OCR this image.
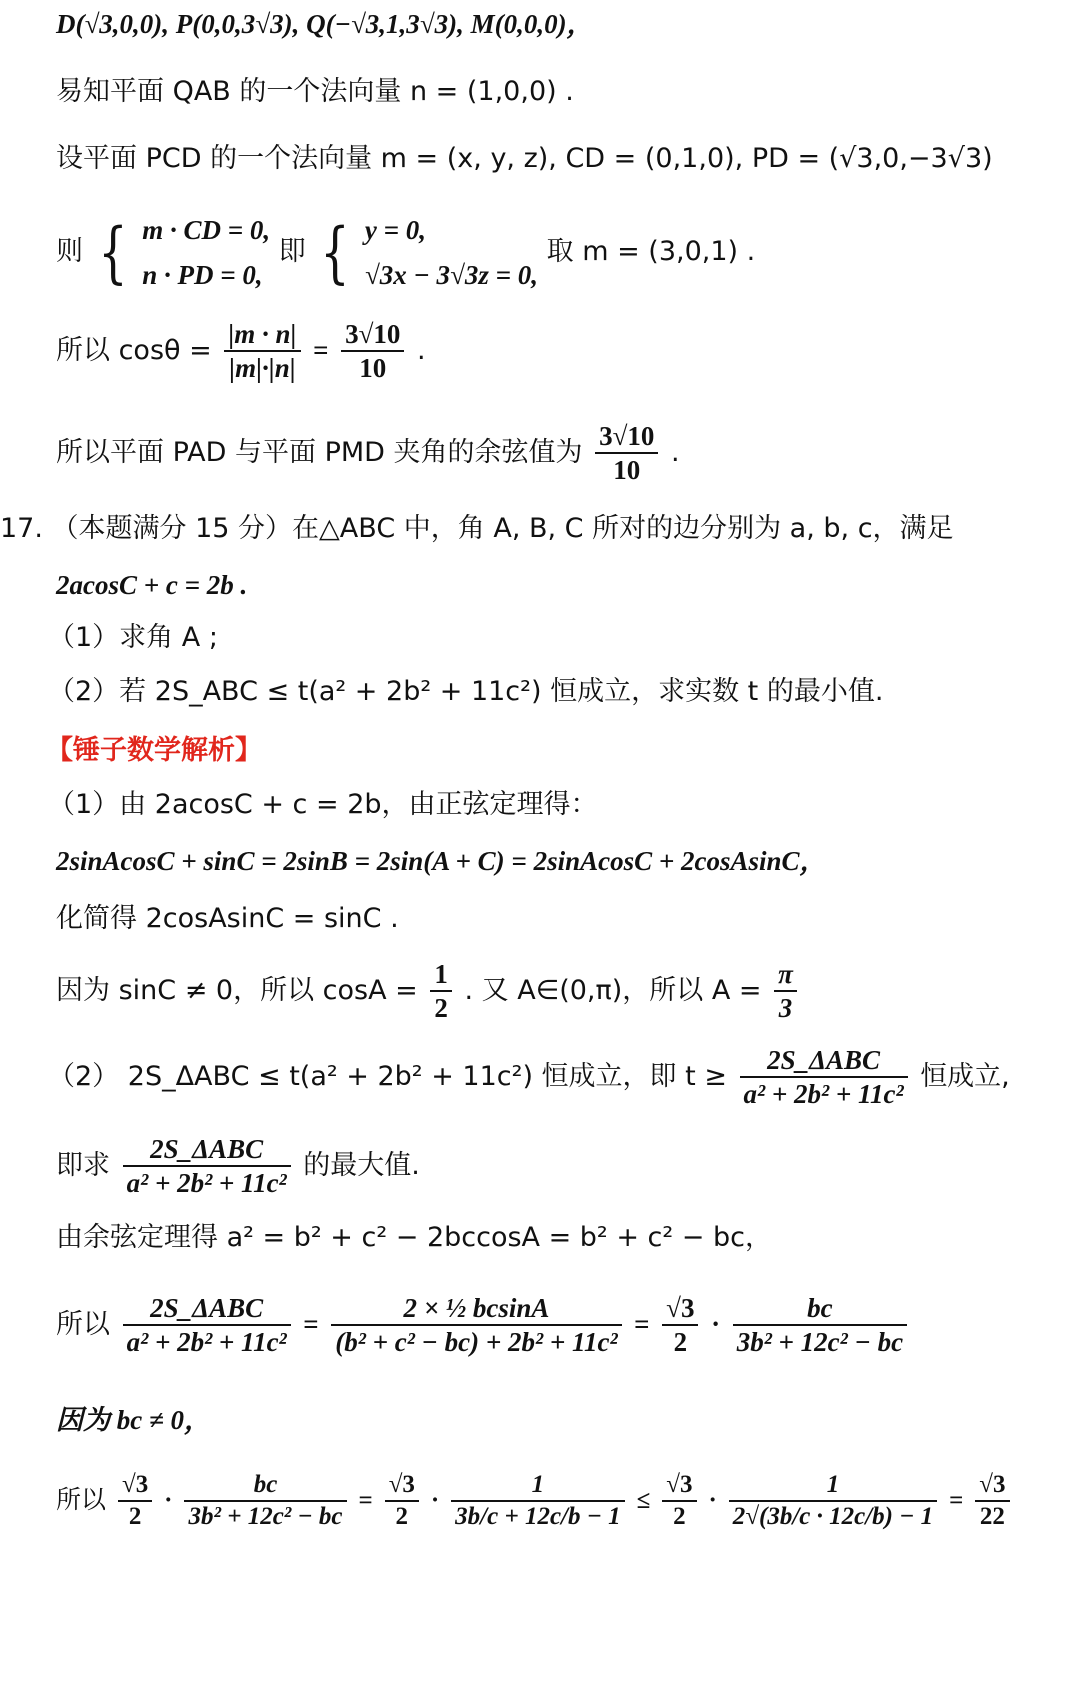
D(√3,0,0), P(0,0,3√3), Q(−√3,1,3√3), M(0,0,0)，
易知平面 QAB 的一个法向量 n = (1,0,0) .
设平面 PCD 的一个法向量 m = (x, y, z), CD = (0,1,0), PD = (√3,0,−3√3)
则 { m · CD = 0,
n · PD = 0,
即 { y = 0,
√3x − 3√3z = 0,
取 m = (3,0,1) .
所以 $\cos\theta = \frac{|m \cdot n|}{|m|\cdot|n|} = \frac{3√10}{10}$ .
所以平面 PAD 与平面 PMD 夹角的余弦值为 $\frac{3√10}{10}$ .
17. （本题满分 15 分）在△ABC 中，角 A, B, C 所对的边分别为 a, b, c，满足
2acosC + c = 2b .
（1）求角 A ;
（2）若 2S_ABC ≤ t(a² + 2b² + 11c²) 恒成立，求实数 t 的最小值.
【锤子数学解析】
（1）由 2acosC + c = 2b，由正弦定理得：
2sinAcosC + sinC = 2sinB = 2sin(A + C) = 2sinAcosC + 2cosAsinC，
化简得 2cosAsinC = sinC .
因为 sinC ≠ 0，所以 $\cos A = \frac{1}{2}$ . 又 A∈(0,π)，所以 $A = \frac{\pi}{3}$
（2） 2S_ΔABC ≤ t(a² + 2b² + 11c²) 恒成立，即 $t \ge \frac{\text{2S\_ΔABC}}{\text{a² + 2b² + 11c²}}$ 恒成立,
即求 $\frac{\text{2S\_ΔABC}}{\text{a² + 2b² + 11c²}}$ 的最大值.
由余弦定理得 a² = b² + c² − 2bccosA = b² + c² − bc，
所以 $\frac{\text{2S\_ΔABC}}{\text{a² + 2b² + 11c²}} = \frac{\text{2 × ½ bcsinA}}{\text{(b² + c² − bc) + 2b² + 11c²}} = \frac{√3}{2} \cdot \frac{bc}{\text{3b² + 12c² − bc}}$
因为 bc ≠ 0，
所以 $\frac{√3}{2} \cdot \frac{bc}{\text{3b² + 12c² − bc}} = \frac{√3}{2} \cdot \frac{1}{3b/c + 12c/b - 1} \le \frac{√3}{2} \cdot \frac{1}{2√(3b/c \cdot 12c/b) - 1} = \frac{√3}{22}$
